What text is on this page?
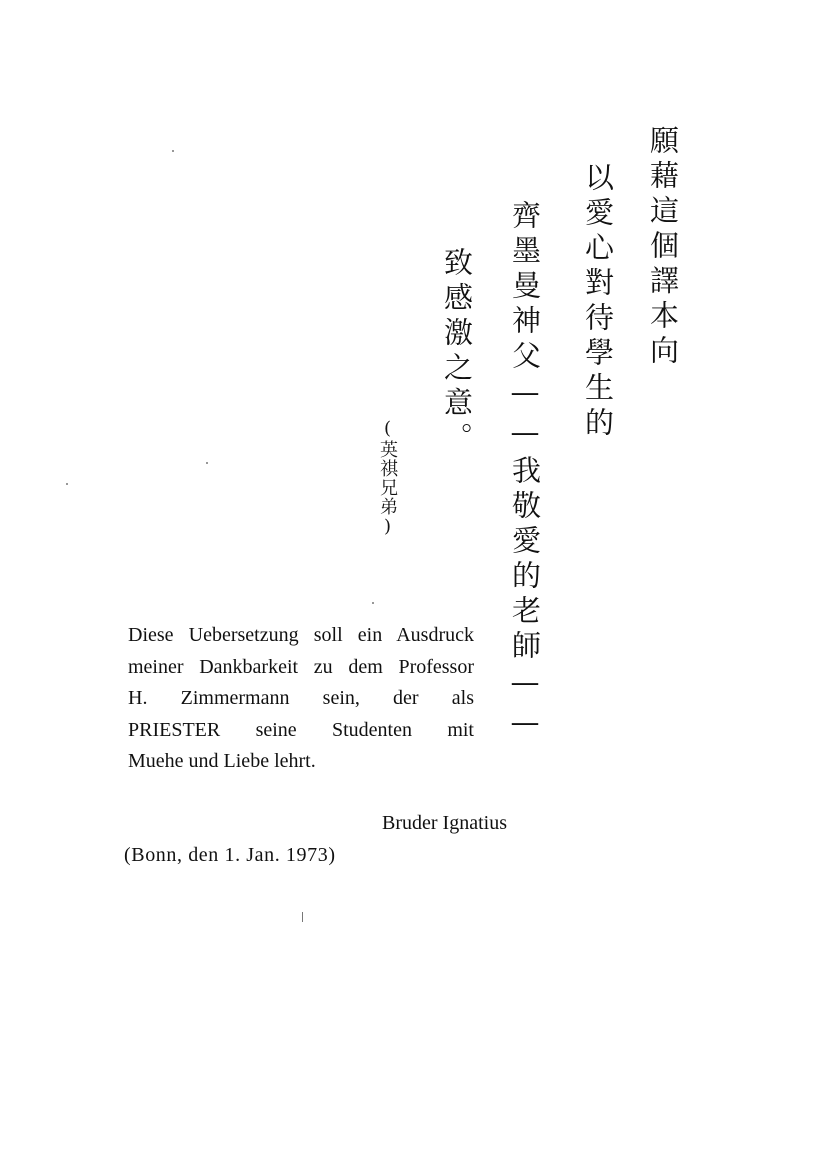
願藉這個譯本向
以愛心對待學生的
齊墨曼神父——我敬愛的老師——
致感激之意。
(英祺兄弟)
Diese Uebersetzung soll ein Ausdruck
meiner Dankbarkeit zu dem Professor
H. Zimmermann sein, der als
PRIESTER seine Studenten mit
Muehe und Liebe lehrt.
Bruder Ignatius
(Bonn, den 1. Jan. 1973)
